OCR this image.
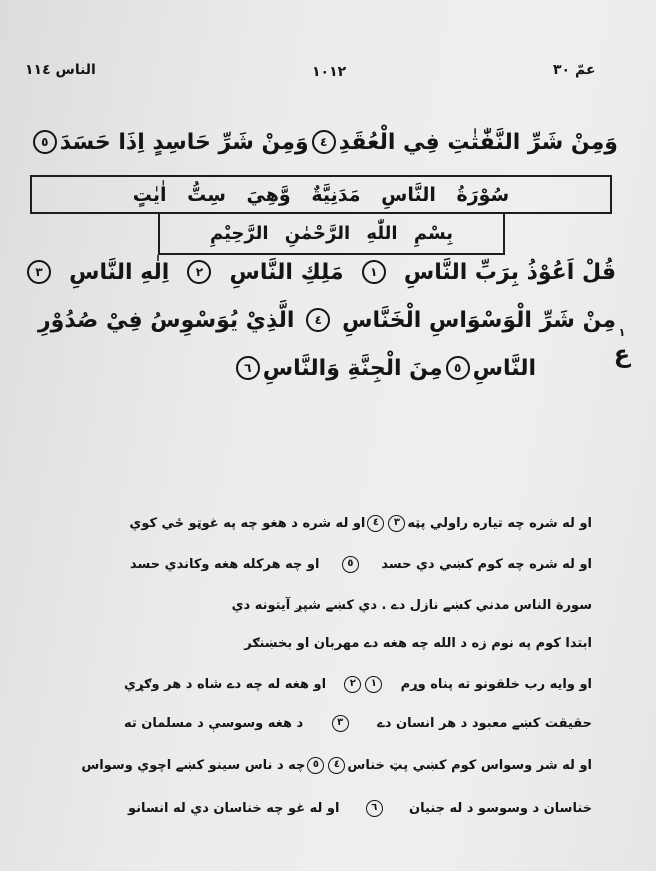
الناس ١١٤	١٠١٢	عمّ ٣٠
وَمِنْ شَرِّ النَّفّٰثٰتِ فِي الْعُقَدِ
٤
وَمِنْ شَرِّ حَاسِدٍ اِذَا حَسَدَ
٥
سُوْرَةُ النَّاسِ مَدَنِيَّةٌ وَّهِيَ سِتُّ اٰيٰتٍ
بِسْمِ اللّٰهِ الرَّحْمٰنِ الرَّحِيْمِ
قُلْ اَعُوْذُ بِرَبِّ النَّاسِ
١
مَلِكِ النَّاسِ
٢
اِلٰهِ النَّاسِ
٣
مِنْ شَرِّ الْوَسْوَاسِ الْخَنَّاسِ
٤
الَّذِيْ يُوَسْوِسُ فِيْ صُدُوْرِ
النَّاسِ
٥
مِنَ الْجِنَّةِ وَالنَّاسِ
٦
١
ع
او له شره چه تياره راولي پټه
٣
٤
او له شره د هغو چه په غوټو ځي کوي
او له شره چه کوم کښي دي حسد
٥
او چه هرکله هغه وکاندي حسد
سورة الناس مدني کښے نازل دے . دي کښے شپږ آيتونه دي
ابتدا کوم په نوم زه د الله چه هغه دے مهربان او بخښنګر
او وايه رب خلقونو ته پناه وړم
١
٢
او هغه له چه دے شاه د هر وګړي
حقيقت کښے معبود د هر انسان دے
٣
د هغه وسوسې د مسلمان ته
او له شر وسواس کوم کښي پټ خناس
٤
٥
چه د ناس سينو کښے اچوي وسواس
خناسان د وسوسو د له جنيان
٦
او له غو چه خناسان دي له انسانو
